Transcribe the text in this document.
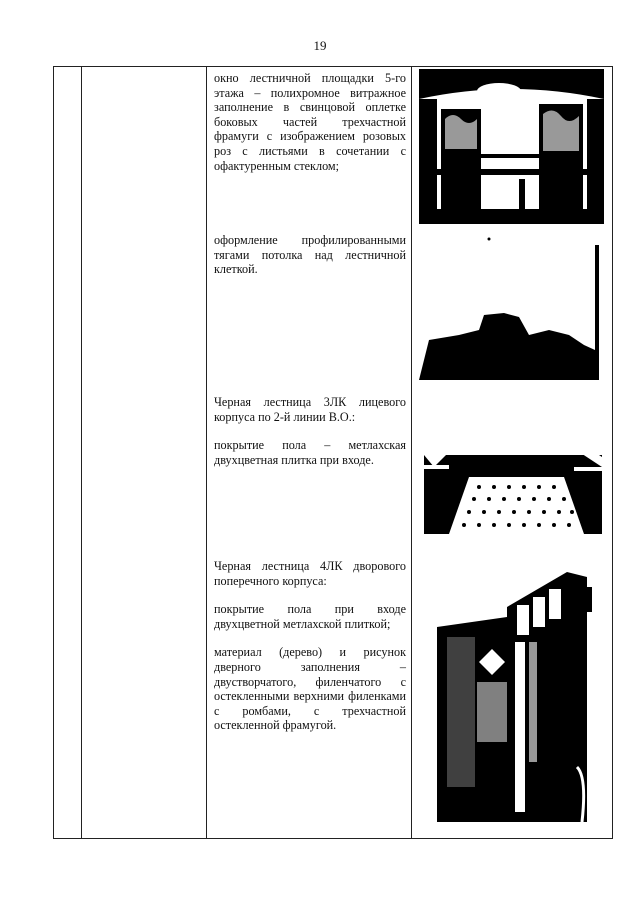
19

окно лестничной площадки 5-го этажа – полихромное витражное заполнение в свинцовой оплетке боковых частей трехчастной фрамуги с изображением розовых роз с листьями в сочетании с офактуренным стеклом;

оформление профилированными тягами потолка над лестничной клеткой.

Черная лестница 3ЛК лицевого корпуса по 2-й линии В.О.:

покрытие пола – метлахская двухцветная плитка при входе.

Черная лестница 4ЛК дворового поперечного корпуса:

покрытие пола при входе двухцветной метлахской плиткой;

материал (дерево) и рисунок дверного заполнения – двустворчатого, филенчатого с остекленными верхними филенками с ромбами, с трехчастной остекленной фрамугой.
